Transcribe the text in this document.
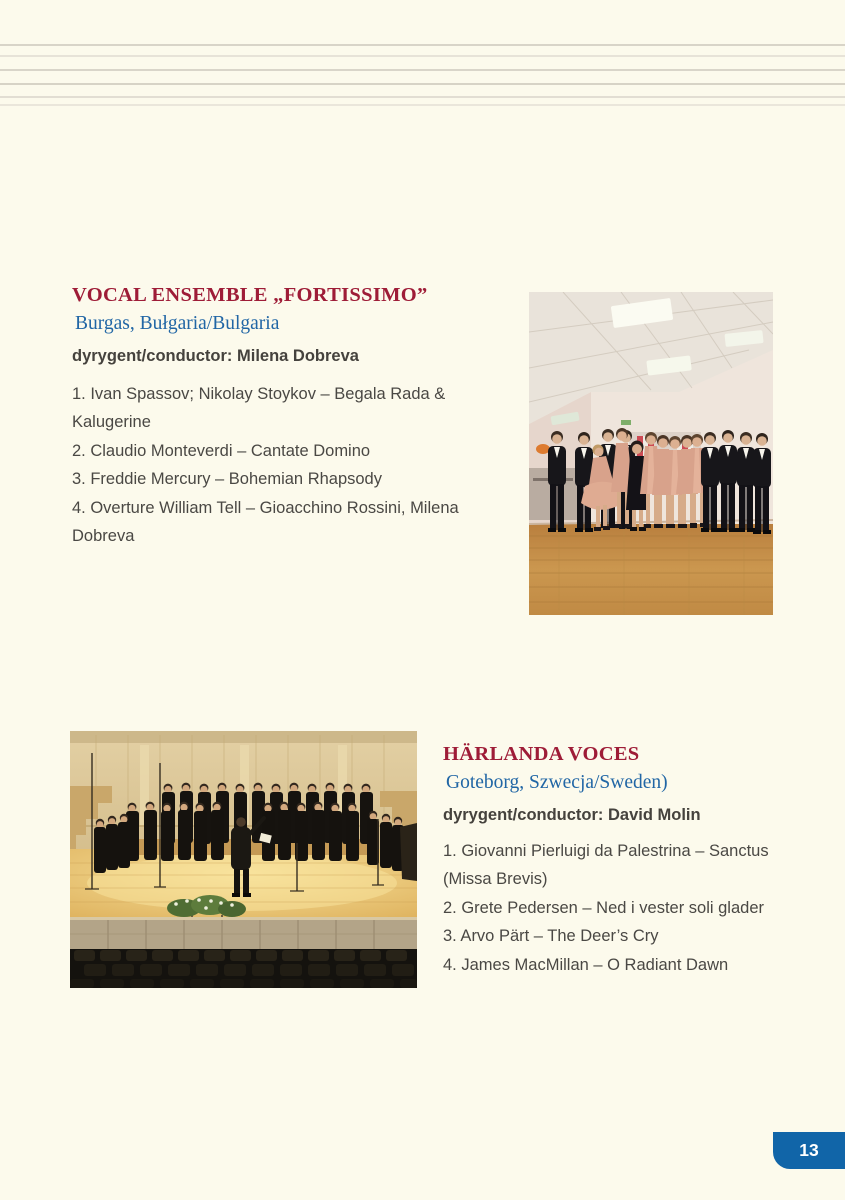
VOCAL ENSEMBLE „FORTISSIMO”
Burgas, Bułgaria/Bulgaria
dyrygent/conductor: Milena Dobreva
1. Ivan Spassov; Nikolay Stoykov – Begala Rada &
Kalugerine
2. Claudio Monteverdi – Cantate Domino
3. Freddie Mercury – Bohemian Rhapsody
4. Overture William Tell – Gioacchino Rossini, Milena
Dobreva
HÄRLANDA VOCES
Goteborg, Szwecja/Sweden)
dyrygent/conductor: David Molin
1. Giovanni Pierluigi da Palestrina – Sanctus
(Missa Brevis)
2. Grete Pedersen – Ned i vester soli glader
3. Arvo Pärt – The Deer’s Cry
4. James MacMillan – O Radiant Dawn
13
